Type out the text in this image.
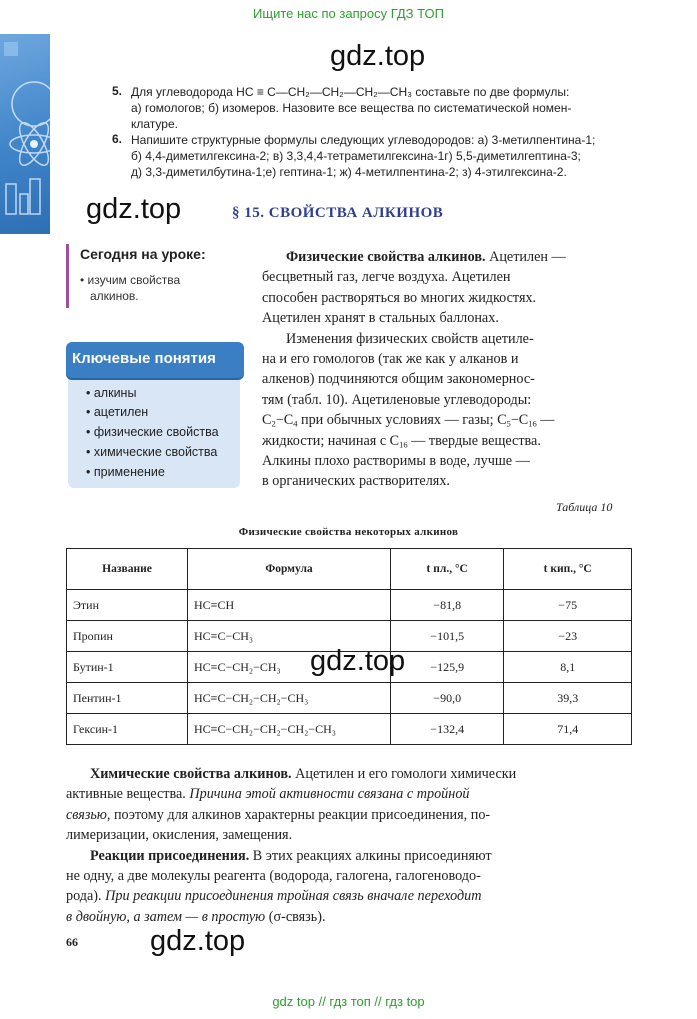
Ищите нас по запросу ГДЗ ТОП
gdz top // гдз топ // гдз top
gdz.top
gdz.top
gdz.top
gdz.top
5. Для углеводорода НС ≡ С—CH₂—CH₂—CH₂—CH₃ составьте по две формулы:
а) гомологов; б) изомеров. Назовите все вещества по систематической номен-
клатуре.
6. Напишите структурные формулы следующих углеводородов: а) 3-метилпентина-1;
б) 4,4-диметилгексина-2; в) 3,3,4,4-тетраметилгексина-1г) 5,5-диметилгептина-3;
д) 3,3-диметилбутина-1;е) гептина-1; ж) 4-метилпентина-2; з) 4-этилгексина-2.
§ 15. СВОЙСТВА АЛКИНОВ
Сегодня на уроке:
• изучим свойства
алкинов.
Ключевые понятия
• алкины
• ацетилен
• физические свойства
• химические свойства
• применение
Физические свойства алкинов. Ацетилен —
бесцветный газ, легче воздуха. Ацетилен
способен растворяться во многих жидкостях.
Ацетилен хранят в стальных баллонах.
Изменения физических свойств ацетиле-
на и его гомологов (так же как у алканов и
алкенов) подчиняются общим закономернос-
тям (табл. 10). Ацетиленовые углеводороды:
$C_2-C_4$ при обычных условиях — газы; $C_5-C_{16}$ —
жидкости; начиная с $C_{16}$ — твердые вещества.
Алкины плохо растворимы в воде, лучше —
в органических растворителях.
Таблица 10
Физические свойства некоторых алкинов
Название	Формула	t пл., °C	t кип., °C
Этин	HC≡CH	−81,8	−75
Пропин	HC≡C−CH₃	−101,5	−23
Бутин-1	HC≡C−CH₂−CH₃	−125,9	8,1
Пентин-1	HC≡C−CH₂−CH₂−CH₃	−90,0	39,3
Гексин-1	HC≡C−CH₂−CH₂−CH₂−CH₃	−132,4	71,4
Химические свойства алкинов. Ацетилен и его гомологи химически
активные вещества. Причина этой активности связана с тройной
связью, поэтому для алкинов характерны реакции присоединения, по-
лимеризации, окисления, замещения.
Реакции присоединения. В этих реакциях алкины присоединяют
не одну, а две молекулы реагента (водорода, галогена, галогеноводо-
рода). При реакции присоединения тройная связь вначале переходит
в двойную, а затем — в простую (σ-связь).
66
